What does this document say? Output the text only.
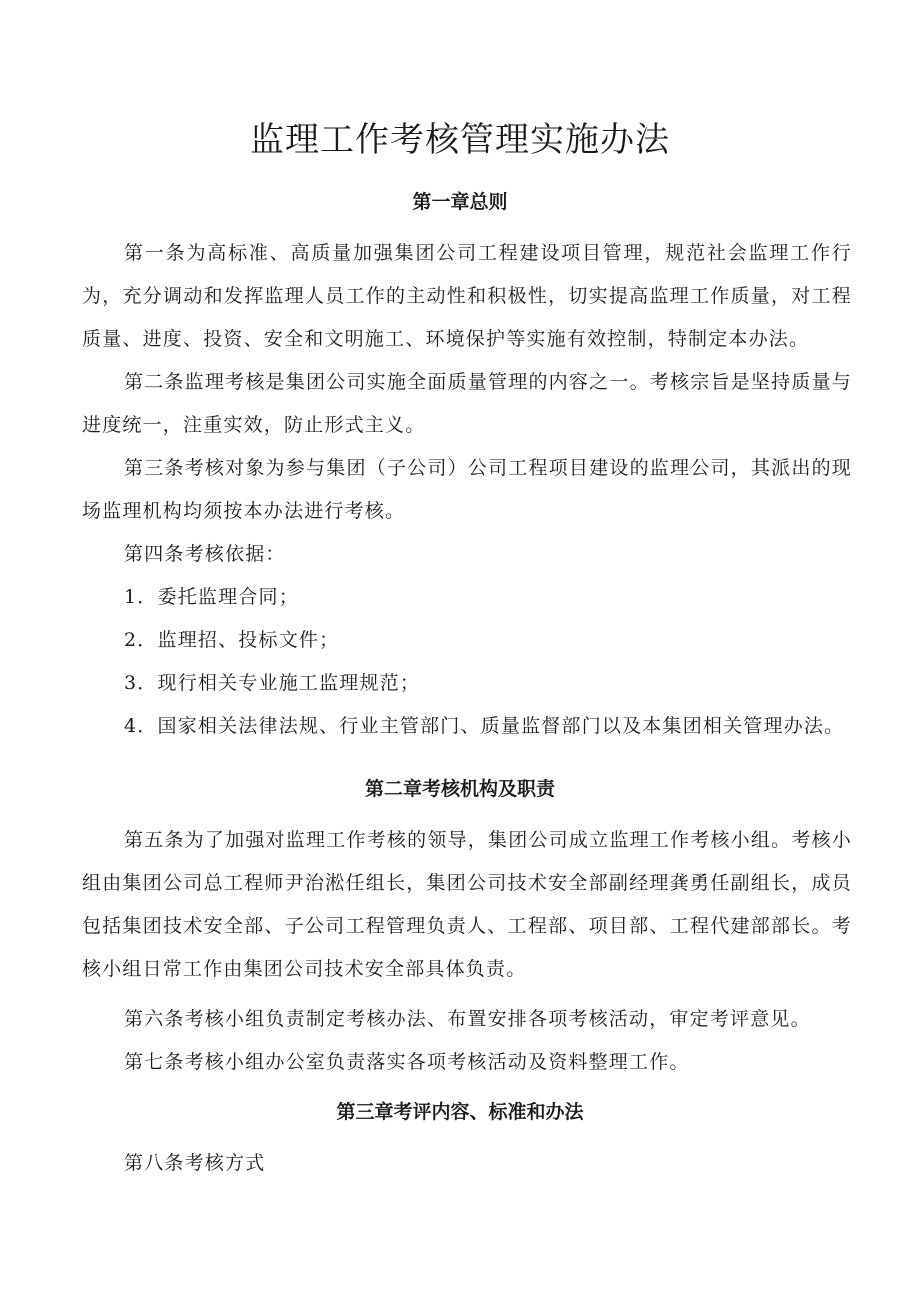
监理工作考核管理实施办法
第一章总则

第一条为高标准、高质量加强集团公司工程建设项目管理，规范社会监理工作行为，充分调动和发挥监理人员工作的主动性和积极性，切实提高监理工作质量，对工程质量、进度、投资、安全和文明施工、环境保护等实施有效控制，特制定本办法。

第二条监理考核是集团公司实施全面质量管理的内容之一。考核宗旨是坚持质量与进度统一，注重实效，防止形式主义。

第三条考核对象为参与集团（子公司）公司工程项目建设的监理公司，其派出的现场监理机构均须按本办法进行考核。

第四条考核依据：

1．委托监理合同；

2．监理招、投标文件；

3．现行相关专业施工监理规范；

4．国家相关法律法规、行业主管部门、质量监督部门以及本集团相关管理办法。

第二章考核机构及职责

第五条为了加强对监理工作考核的领导，集团公司成立监理工作考核小组。考核小组由集团公司总工程师尹治淞任组长，集团公司技术安全部副经理龚勇任副组长，成员包括集团技术安全部、子公司工程管理负责人、工程部、项目部、工程代建部部长。考核小组日常工作由集团公司技术安全部具体负责。

第六条考核小组负责制定考核办法、布置安排各项考核活动，审定考评意见。

第七条考核小组办公室负责落实各项考核活动及资料整理工作。

第三章考评内容、标准和办法

第八条考核方式
